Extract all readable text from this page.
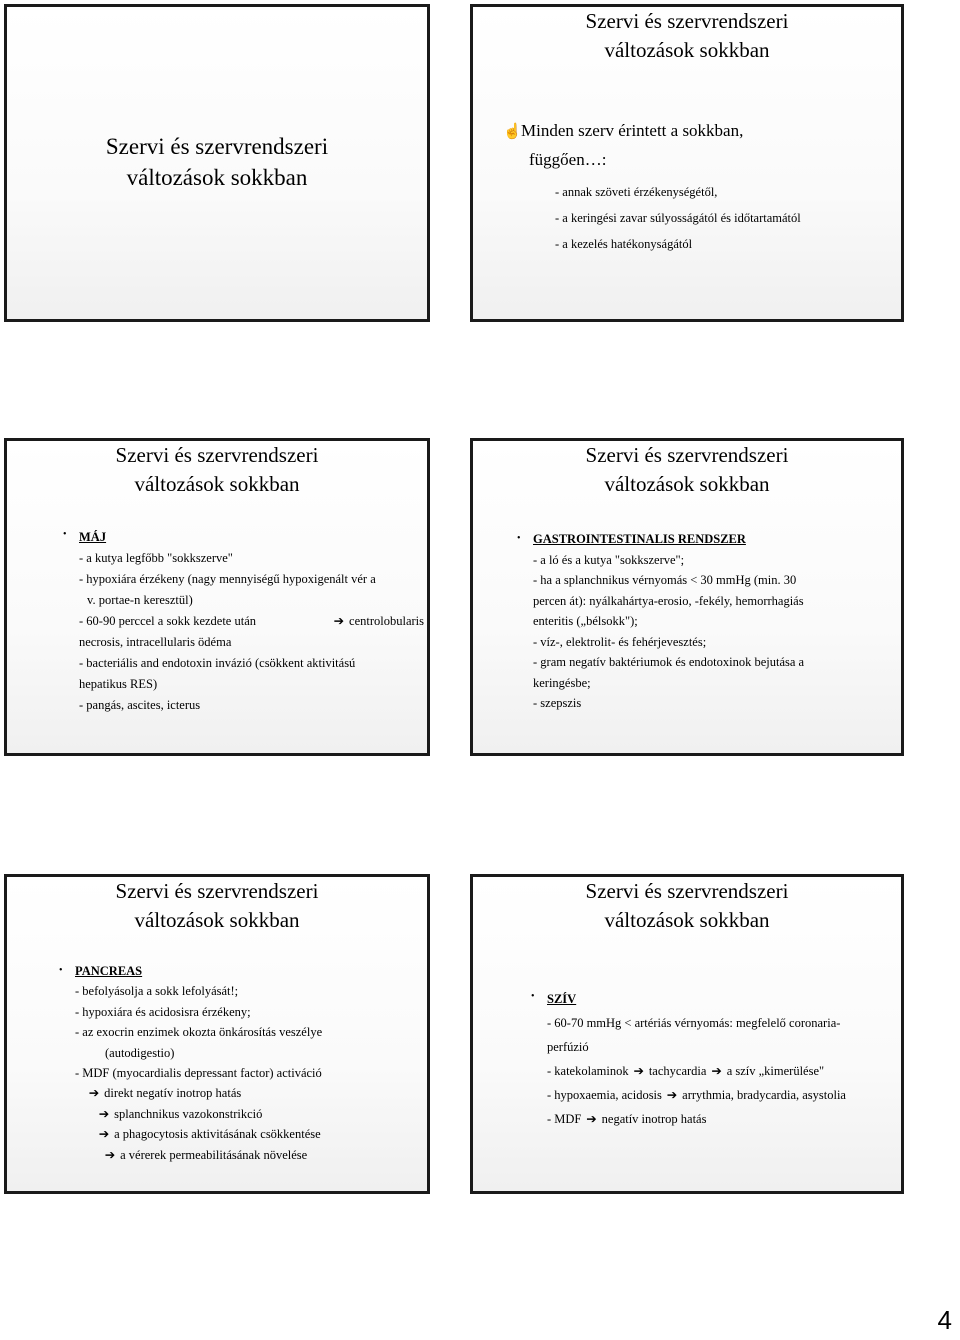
Szervi és szervrendszeri
változások sokkban
Szervi és szervrendszeri
változások sokkban
☝ Minden szerv érintett a sokkban,
függően…:
- annak szöveti érzékenységétől,
- a keringési zavar súlyosságától és időtartamától
- a kezelés hatékonyságától
Szervi és szervrendszeri
változások sokkban
• MÁJ
- a kutya legfőbb "sokkszerve"
- hypoxiára érzékeny (nagy mennyiségű hypoxigenált vér a
v. portae-n keresztül)
- 60-90 perccel a sokk kezdete után	➔ centrolobularis
necrosis, intracellularis ödéma
- bacteriális and endotoxin invázió (csökkent aktivitású
hepatikus RES)
- pangás, ascites, icterus
Szervi és szervrendszeri
változások sokkban
• GASTROINTESTINALIS RENDSZER
- a ló és a kutya "sokkszerve";
- ha a splanchnikus vérnyomás < 30 mmHg (min. 30
percen át): nyálkahártya-erosio, -fekély, hemorrhagiás
enteritis („bélsokk");
- víz-, elektrolit- és fehérjevesztés;
- gram negatív baktériumok és endotoxinok bejutása a
keringésbe;
- szepszis
Szervi és szervrendszeri
változások sokkban
• PANCREAS
- befolyásolja a sokk lefolyását!;
- hypoxiára és acidosisra érzékeny;
- az exocrin enzimek okozta önkárosítás veszélye
(autodigestio)
- MDF (myocardialis depressant factor) activáció
➔ direkt negatív inotrop hatás
➔ splanchnikus vazokonstrikció
➔ a phagocytosis aktivitásának csökkentése
➔ a vérerek permeabilitásának növelése
Szervi és szervrendszeri
változások sokkban
• SZÍV
- 60-70 mmHg < artériás vérnyomás: megfelelő coronaria-
perfúzió
- katekolaminok ➔ tachycardia ➔ a szív „kimerülése"
- hypoxaemia, acidosis ➔ arrythmia, bradycardia, asystolia
- MDF ➔ negatív inotrop hatás
4
